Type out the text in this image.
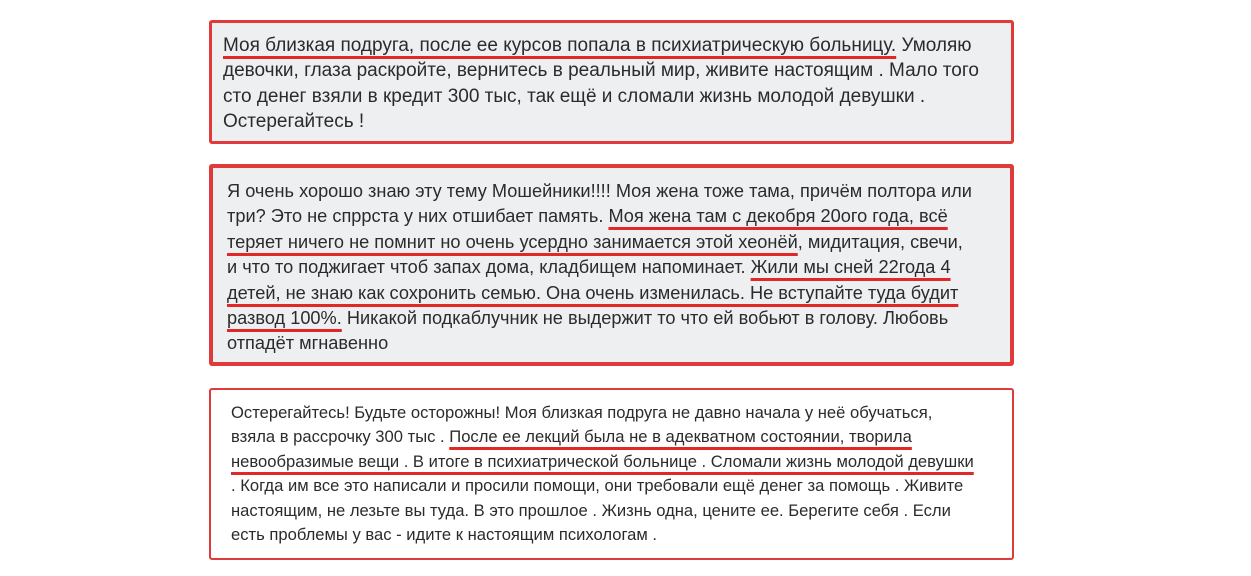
Моя близкая подруга, после ее курсов попала в психиатрическую больницу. Умоляю
девочки, глаза раскройте, вернитесь в реальный мир, живите настоящим . Мало того
сто денег взяли в кредит 300 тыс, так ещё и сломали жизнь молодой девушки .
Остерегайтесь !
Я очень хорошо знаю эту тему Мошейники!!!! Моя жена тоже тама, причём полтора или
три? Это не спррста у них отшибает память. Моя жена там с декобря 20ого года, всё
теряет ничего не помнит но очень усердно занимается этой хеонёй, мидитация, свечи,
и что то поджигает чтоб запах дома, кладбищем напоминает. Жили мы сней 22года 4
детей, не знаю как сохронить семью. Она очень изменилась. Не вступайте туда будит
развод 100%. Никакой подкаблучник не выдержит то что ей вобьют в голову. Любовь
отпадёт мгнавенно
Остерегайтесь! Будьте осторожны! Моя близкая подруга не давно начала у неё обучаться,
взяла в рассрочку 300 тыс . После ее лекций была не в адекватном состоянии, творила
невообразимые вещи . В итоге в психиатрической больнице . Сломали жизнь молодой девушки
. Когда им все это написали и просили помощи, они требовали ещё денег за помощь . Живите
настоящим, не лезьте вы туда. В это прошлое . Жизнь одна, цените ее. Берегите себя . Если
есть проблемы у вас - идите к настоящим психологам .
